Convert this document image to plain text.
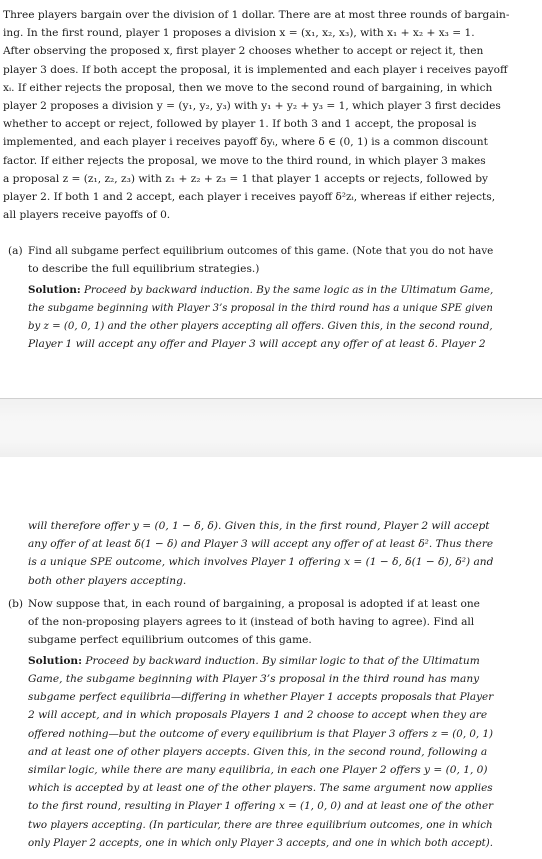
Three players bargain over the division of 1 dollar. There are at most three rounds of bargain-
ing. In the first round, player 1 proposes a division x = (x₁, x₂, x₃), with x₁ + x₂ + x₃ = 1.
After observing the proposed x, first player 2 chooses whether to accept or reject it, then
player 3 does. If both accept the proposal, it is implemented and each player i receives payoff
xᵢ. If either rejects the proposal, then we move to the second round of bargaining, in which
player 2 proposes a division y = (y₁, y₂, y₃) with y₁ + y₂ + y₃ = 1, which player 3 first decides
whether to accept or reject, followed by player 1. If both 3 and 1 accept, the proposal is
implemented, and each player i receives payoff δyᵢ, where δ ∈ (0, 1) is a common discount
factor. If either rejects the proposal, we move to the third round, in which player 3 makes
a proposal z = (z₁, z₂, z₃) with z₁ + z₂ + z₃ = 1 that player 1 accepts or rejects, followed by
player 2. If both 1 and 2 accept, each player i receives payoff δ²zᵢ, whereas if either rejects,
all players receive payoffs of 0.
(a) Find all subgame perfect equilibrium outcomes of this game. (Note that you do not have
to describe the full equilibrium strategies.)
Solution: Proceed by backward induction. By the same logic as in the Ultimatum Game,
the subgame beginning with Player 3’s proposal in the third round has a unique SPE given
by z = (0, 0, 1) and the other players accepting all offers. Given this, in the second round,
Player 1 will accept any offer and Player 3 will accept any offer of at least δ. Player 2
will therefore offer y = (0, 1 − δ, δ). Given this, in the first round, Player 2 will accept
any offer of at least δ(1 − δ) and Player 3 will accept any offer of at least δ². Thus there
is a unique SPE outcome, which involves Player 1 offering x = (1 − δ, δ(1 − δ), δ²) and
both other players accepting.
(b) Now suppose that, in each round of bargaining, a proposal is adopted if at least one
of the non-proposing players agrees to it (instead of both having to agree). Find all
subgame perfect equilibrium outcomes of this game.
Solution: Proceed by backward induction. By similar logic to that of the Ultimatum
Game, the subgame beginning with Player 3’s proposal in the third round has many
subgame perfect equilibria—differing in whether Player 1 accepts proposals that Player
2 will accept, and in which proposals Players 1 and 2 choose to accept when they are
offered nothing—but the outcome of every equilibrium is that Player 3 offers z = (0, 0, 1)
and at least one of other players accepts. Given this, in the second round, following a
similar logic, while there are many equilibria, in each one Player 2 offers y = (0, 1, 0)
which is accepted by at least one of the other players. The same argument now applies
to the first round, resulting in Player 1 offering x = (1, 0, 0) and at least one of the other
two players accepting. (In particular, there are three equilibrium outcomes, one in which
only Player 2 accepts, one in which only Player 3 accepts, and one in which both accept).
